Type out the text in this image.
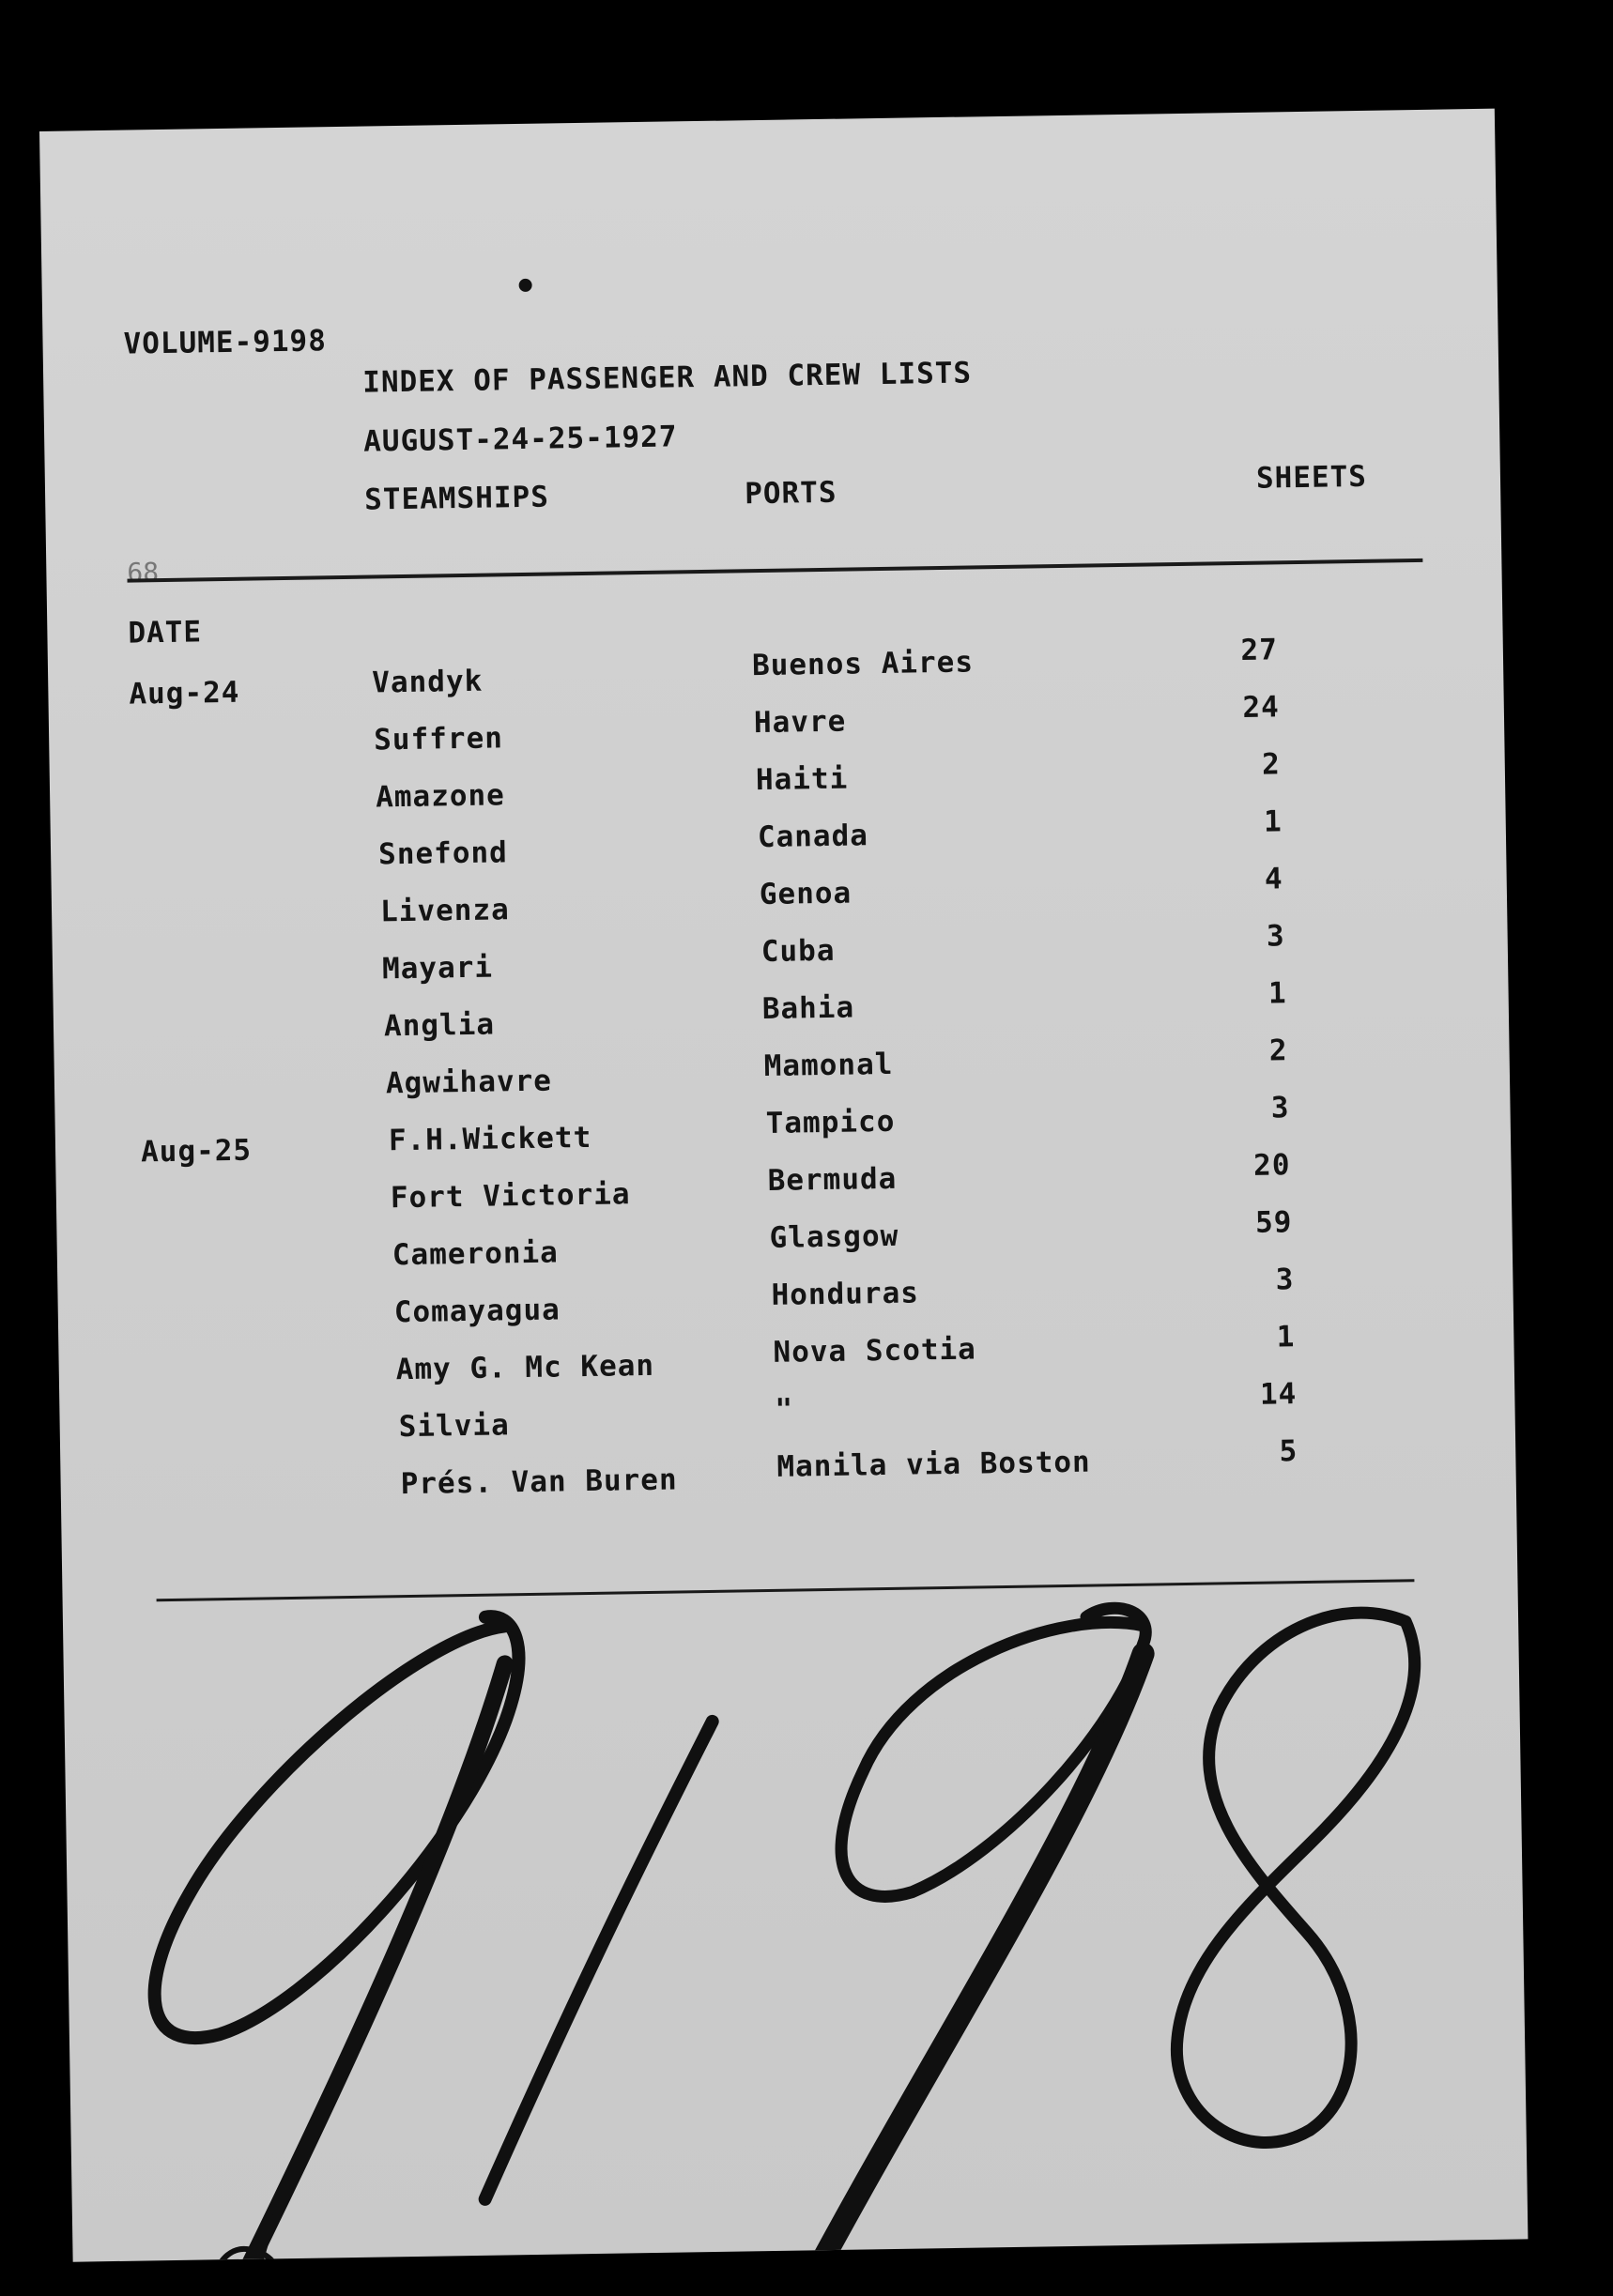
VOLUME-9198
INDEX OF PASSENGER AND CREW LISTS
AUGUST-24-25-1927
STEAMSHIPS	PORTS	SHEETS
68
DATE
Aug-24	Vandyk	Buenos Aires	27
Suffren	Havre	24
Amazone	Haiti	2
Snefond	Canada	1
Livenza	Genoa	4
Mayari	Cuba	3
Anglia	Bahia	1
Agwihavre	Mamonal	2
Aug-25	F.H.Wickett	Tampico	3
Fort Victoria	Bermuda	20
Cameronia	Glasgow	59
Comayagua	Honduras	3
Amy G. Mc Kean	Nova Scotia	1
Silvia	"	14
Prés. Van Buren	Manila via Boston	5
